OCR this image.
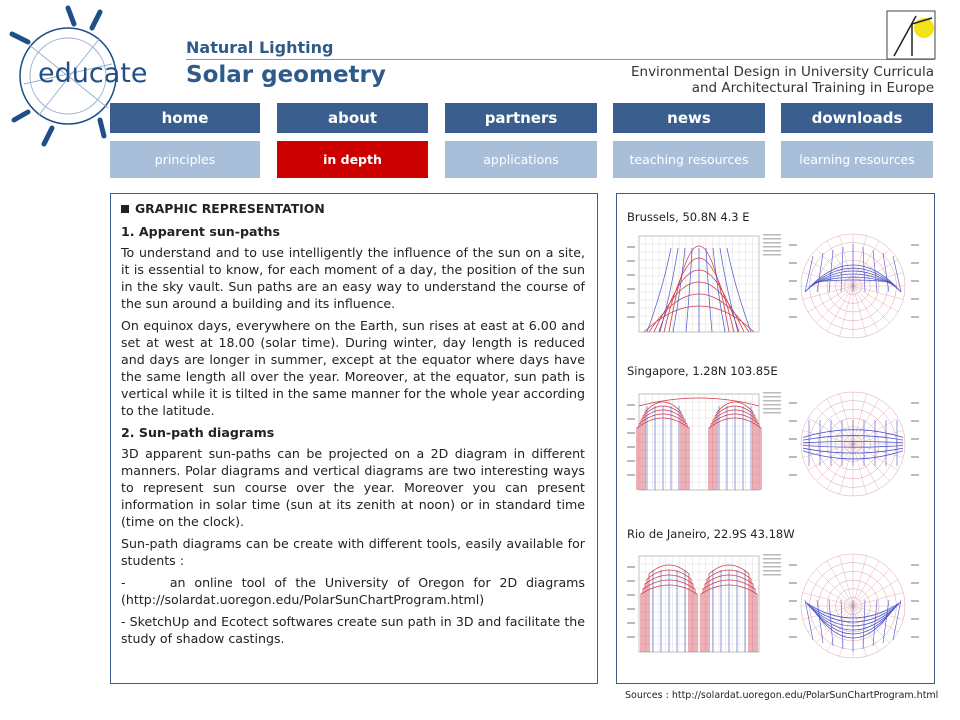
educate
Natural Lighting
Solar geometry	Environmental Design in University Curricula
and Architectural Training in Europe
home	about	partners	news	downloads
principles	in depth	applications	teaching resources	learning resources
GRAPHIC REPRESENTATION
1. Apparent sun-paths

To understand and to use intelligently the influence of the sun on a site, it is essential to know, for each moment of a day, the position of the sun in the sky vault. Sun paths are an easy way to understand the course of the sun around a building and its influence.

On equinox days, everywhere on the Earth, sun rises at east at 6.00 and set at west at 18.00 (solar time). During winter, day length is reduced and days are longer in summer, except at the equator where days have the same length all over the year. Moreover, at the equator, sun path is vertical while it is tilted in the same manner for the whole year according to the latitude.

2. Sun-path diagrams

3D apparent sun-paths can be projected on a 2D diagram in different manners. Polar diagrams and vertical diagrams are two interesting ways to represent sun course over the year. Moreover you can present information in solar time (sun at its zenith at noon) or in standard time (time on the clock).

Sun-path diagrams can be create with different tools, easily available for students :

-     an online tool of the University of Oregon for 2D diagrams (http://solardat.uoregon.edu/PolarSunChartProgram.html)

- SketchUp and Ecotect softwares create sun path in 3D and facilitate the study of shadow castings.

Brussels, 50.8N 4.3 E
Singapore, 1.28N 103.85E
Rio de Janeiro, 22.9S 43.18W
Sources : http://solardat.uoregon.edu/PolarSunChartProgram.html
